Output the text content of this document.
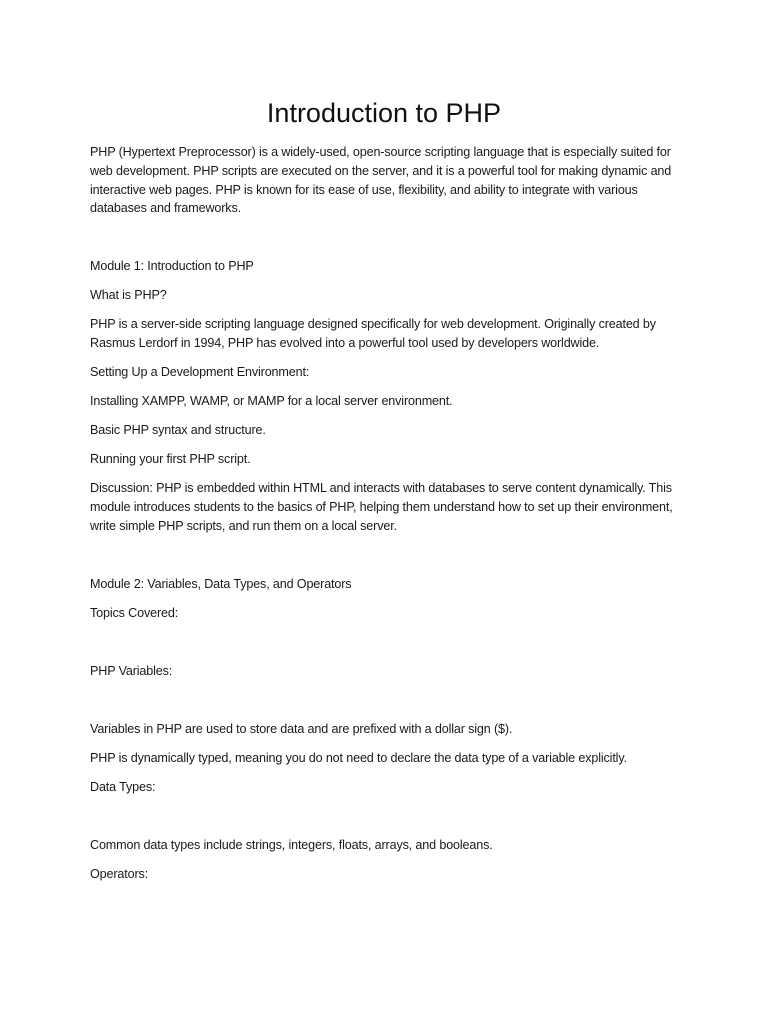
Introduction to PHP

PHP (Hypertext Preprocessor) is a widely-used, open-source scripting language that is especially suited for web development. PHP scripts are executed on the server, and it is a powerful tool for making dynamic and interactive web pages. PHP is known for its ease of use, flexibility, and ability to integrate with various databases and frameworks.

Module 1: Introduction to PHP

What is PHP?

PHP is a server-side scripting language designed specifically for web development. Originally created by Rasmus Lerdorf in 1994, PHP has evolved into a powerful tool used by developers worldwide.

Setting Up a Development Environment:

Installing XAMPP, WAMP, or MAMP for a local server environment.

Basic PHP syntax and structure.

Running your first PHP script.

Discussion: PHP is embedded within HTML and interacts with databases to serve content dynamically. This module introduces students to the basics of PHP, helping them understand how to set up their environment, write simple PHP scripts, and run them on a local server.

Module 2: Variables, Data Types, and Operators

Topics Covered:

PHP Variables:

Variables in PHP are used to store data and are prefixed with a dollar sign ($).

PHP is dynamically typed, meaning you do not need to declare the data type of a variable explicitly.

Data Types:

Common data types include strings, integers, floats, arrays, and booleans.

Operators:
